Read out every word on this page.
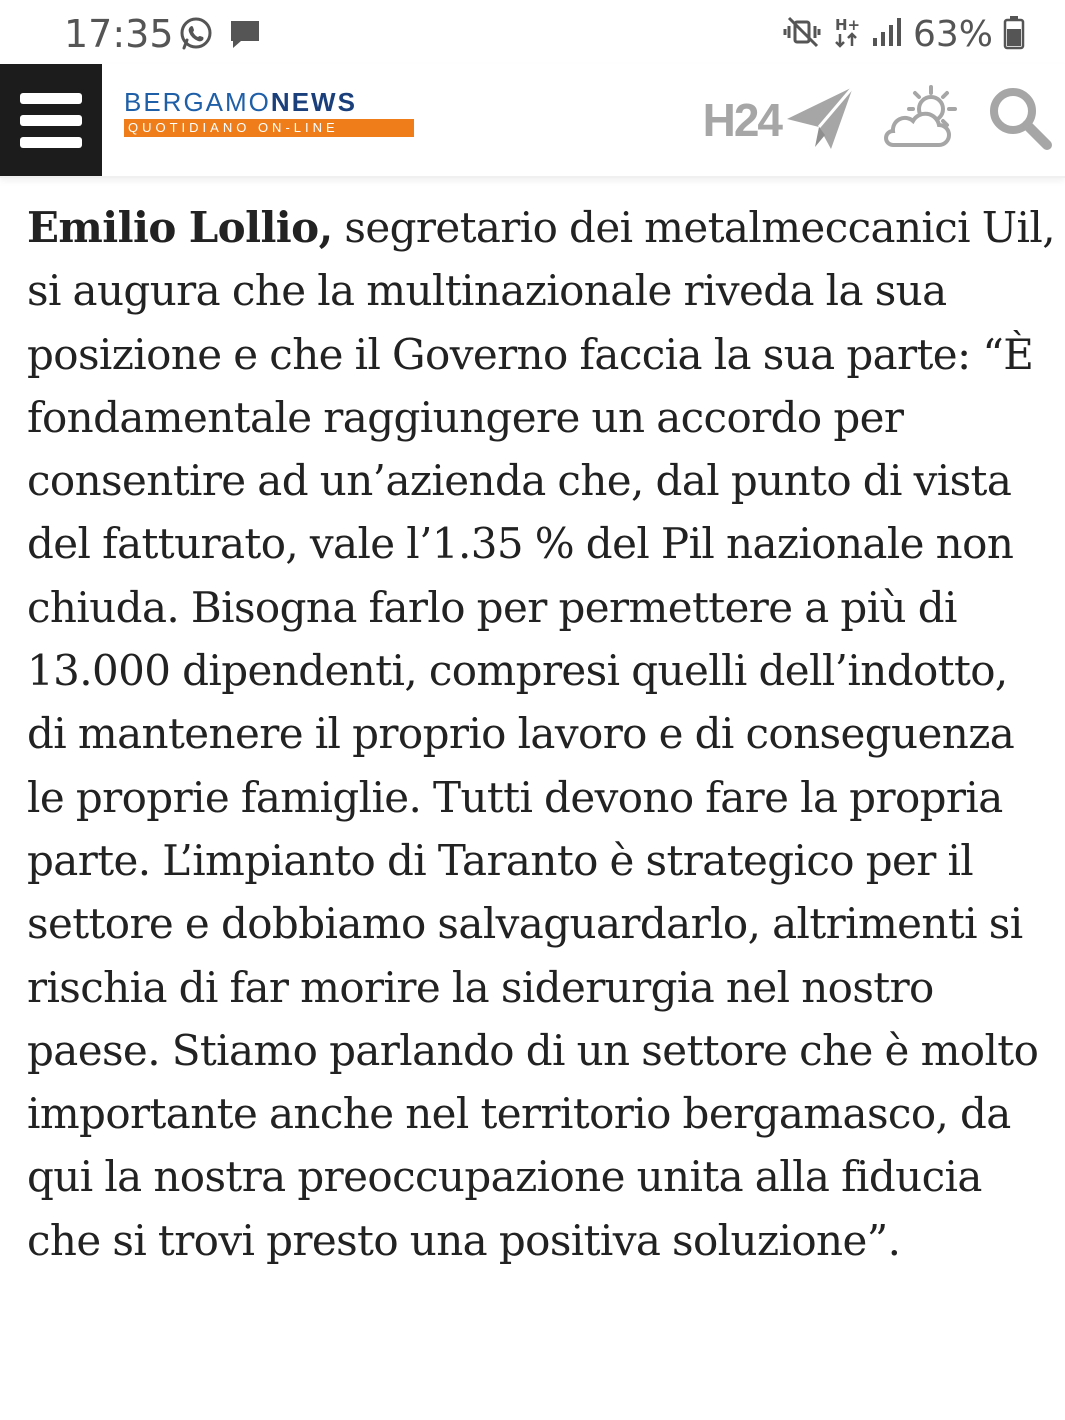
17:35	H+ 63%
BERGAMONEWS
QUOTIDIANO ON-LINE	H24
Emilio Lollio, segretario dei metalmeccanici Uil, si augura che la multinazionale riveda la sua posizione e che il Governo faccia la sua parte: “È fondamentale raggiungere un accordo per consentire ad un’azienda che, dal punto di vista del fatturato, vale l’1.35 % del Pil nazionale non chiuda. Bisogna farlo per permettere a più di 13.000 dipendenti, compresi quelli dell’indotto, di mantenere il proprio lavoro e di conseguenza le proprie famiglie. Tutti devono fare la propria parte. L’impianto di Taranto è strategico per il settore e dobbiamo salvaguardarlo, altrimenti si rischia di far morire la siderurgia nel nostro paese. Stiamo parlando di un settore che è molto importante anche nel territorio bergamasco, da qui la nostra preoccupazione unita alla fiducia che si trovi presto una positiva soluzione”.
